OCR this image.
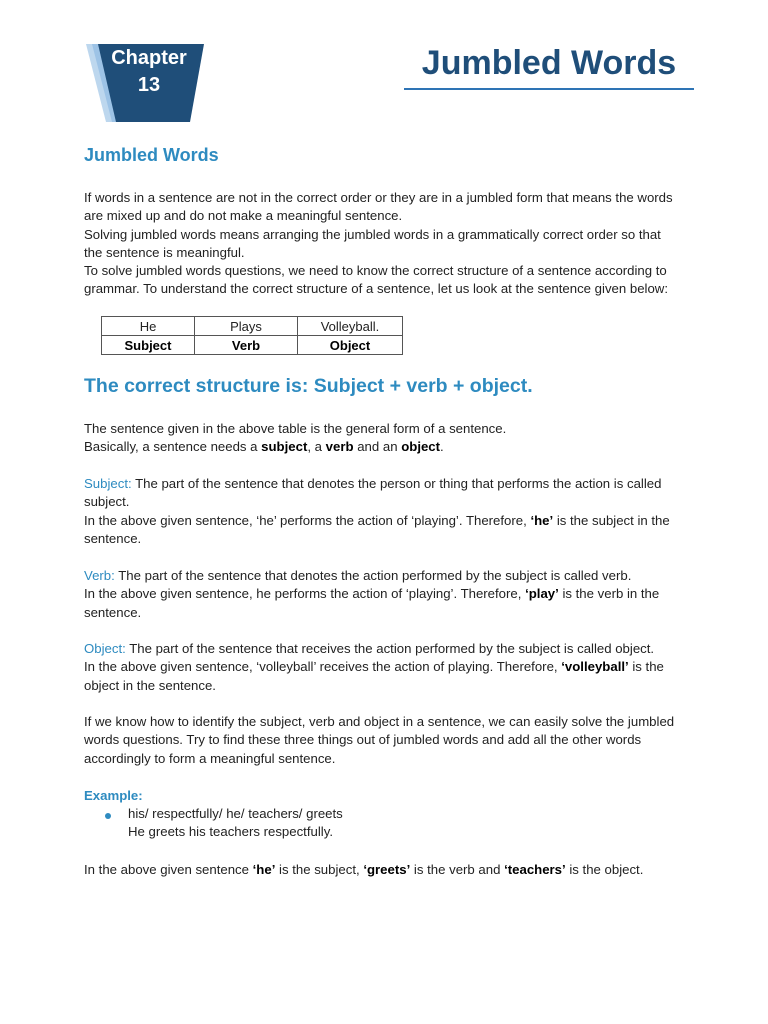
Chapter
13
Jumbled Words
Jumbled Words

If words in a sentence are not in the correct order or they are in a jumbled form that means the words
are mixed up and do not make a meaningful sentence.
Solving jumbled words means arranging the jumbled words in a grammatically correct order so that
the sentence is meaningful.
To solve jumbled words questions, we need to know the correct structure of a sentence according to
grammar. To understand the correct structure of a sentence, let us look at the sentence given below:

He	Plays	Volleyball.
Subject	Verb	Object
The correct structure is: Subject + verb + object.

The sentence given in the above table is the general form of a sentence.
Basically, a sentence needs a subject, a verb and an object.

Subject: The part of the sentence that denotes the person or thing that performs the action is called
subject.
In the above given sentence, ‘he’ performs the action of ‘playing’. Therefore, ‘he’ is the subject in the
sentence.

Verb: The part of the sentence that denotes the action performed by the subject is called verb.
In the above given sentence, he performs the action of ‘playing’. Therefore, ‘play’ is the verb in the
sentence.

Object: The part of the sentence that receives the action performed by the subject is called object.
In the above given sentence, ‘volleyball’ receives the action of playing. Therefore, ‘volleyball’ is the
object in the sentence.

If we know how to identify the subject, verb and object in a sentence, we can easily solve the jumbled
words questions. Try to find these three things out of jumbled words and add all the other words
accordingly to form a meaningful sentence.

Example:

his/ respectfully/ he/ teachers/ greets
He greets his teachers respectfully.

In the above given sentence ‘he’ is the subject, ‘greets’ is the verb and ‘teachers’ is the object.
